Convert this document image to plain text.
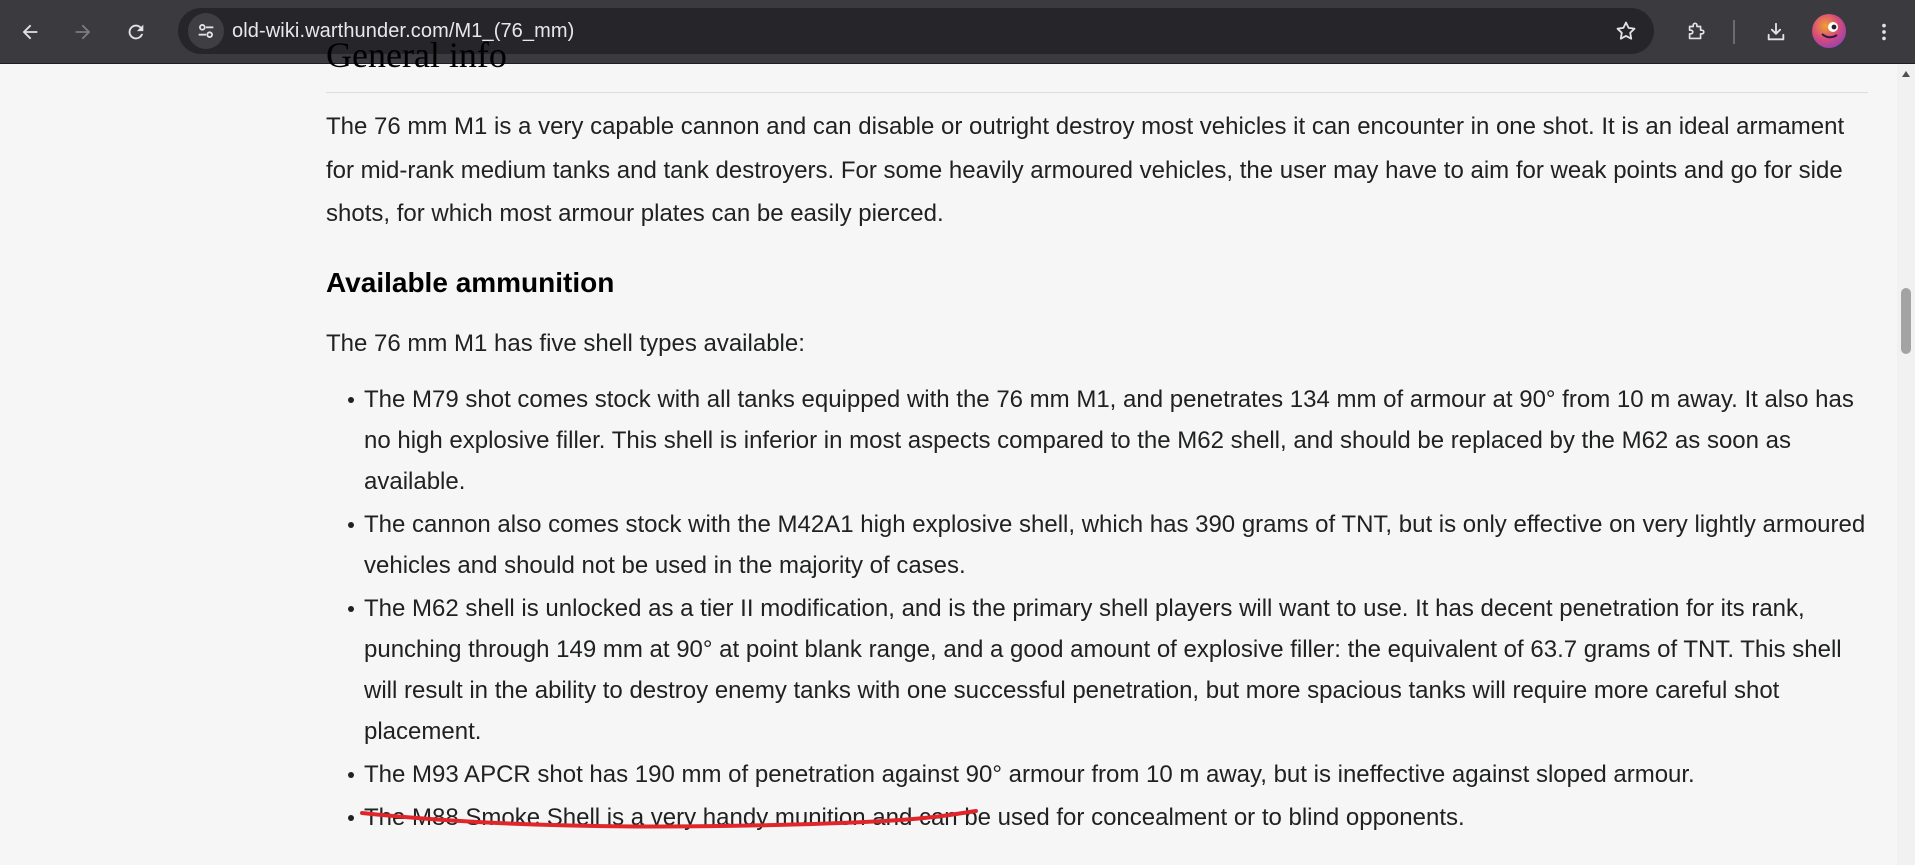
old-wiki.warthunder.com/M1_(76_mm)
General info

The 76 mm M1 is a very capable cannon and can disable or outright destroy most vehicles it can encounter in one shot. It is an ideal armament for mid-rank medium tanks and tank destroyers. For some heavily armoured vehicles, the user may have to aim for weak points and go for side shots, for which most armour plates can be easily pierced.

Available ammunition

The 76 mm M1 has five shell types available:

The M79 shot comes stock with all tanks equipped with the 76 mm M1, and penetrates 134 mm of armour at 90° from 10 m away. It also has no high explosive filler. This shell is inferior in most aspects compared to the M62 shell, and should be replaced by the M62 as soon as available.
The cannon also comes stock with the M42A1 high explosive shell, which has 390 grams of TNT, but is only effective on very lightly armoured vehicles and should not be used in the majority of cases.
The M62 shell is unlocked as a tier II modification, and is the primary shell players will want to use. It has decent penetration for its rank, punching through 149 mm at 90° at point blank range, and a good amount of explosive filler: the equivalent of 63.7 grams of TNT. This shell will result in the ability to destroy enemy tanks with one successful penetration, but more spacious tanks will require more careful shot placement.
The M93 APCR shot has 190 mm of penetration against 90° armour from 10 m away, but is ineffective against sloped armour.
The M88 Smoke Shell is a very handy munition and can be used for concealment or to blind opponents.
